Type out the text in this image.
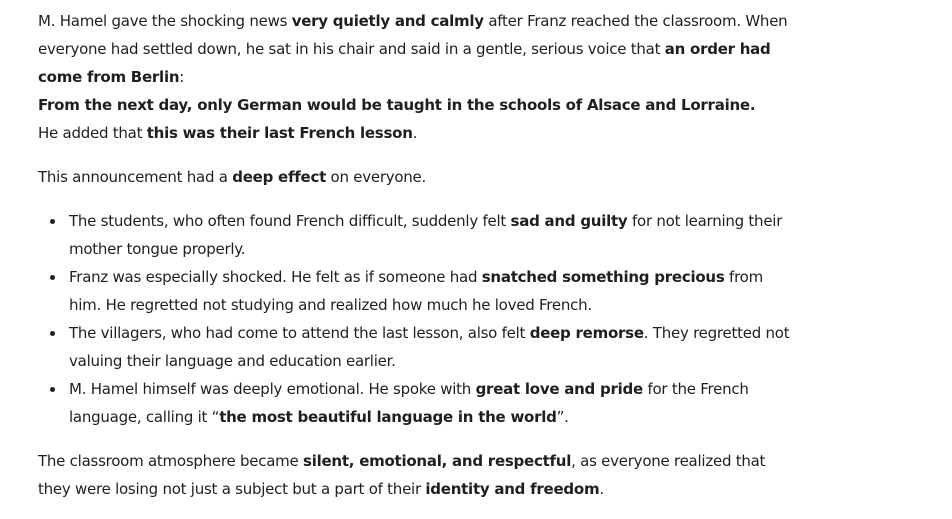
M. Hamel gave the shocking news very quietly and calmly after Franz reached the classroom. When everyone had settled down, he sat in his chair and said in a gentle, serious voice that an order had come from Berlin:

From the next day, only German would be taught in the schools of Alsace and Lorraine.

He added that this was their last French lesson.

This announcement had a deep effect on everyone.

The students, who often found French difficult, suddenly felt sad and guilty for not learning their mother tongue properly.
Franz was especially shocked. He felt as if someone had snatched something precious from him. He regretted not studying and realized how much he loved French.
The villagers, who had come to attend the last lesson, also felt deep remorse. They regretted not valuing their language and education earlier.
M. Hamel himself was deeply emotional. He spoke with great love and pride for the French language, calling it “the most beautiful language in the world”.

The classroom atmosphere became silent, emotional, and respectful, as everyone realized that they were losing not just a subject but a part of their identity and freedom.
